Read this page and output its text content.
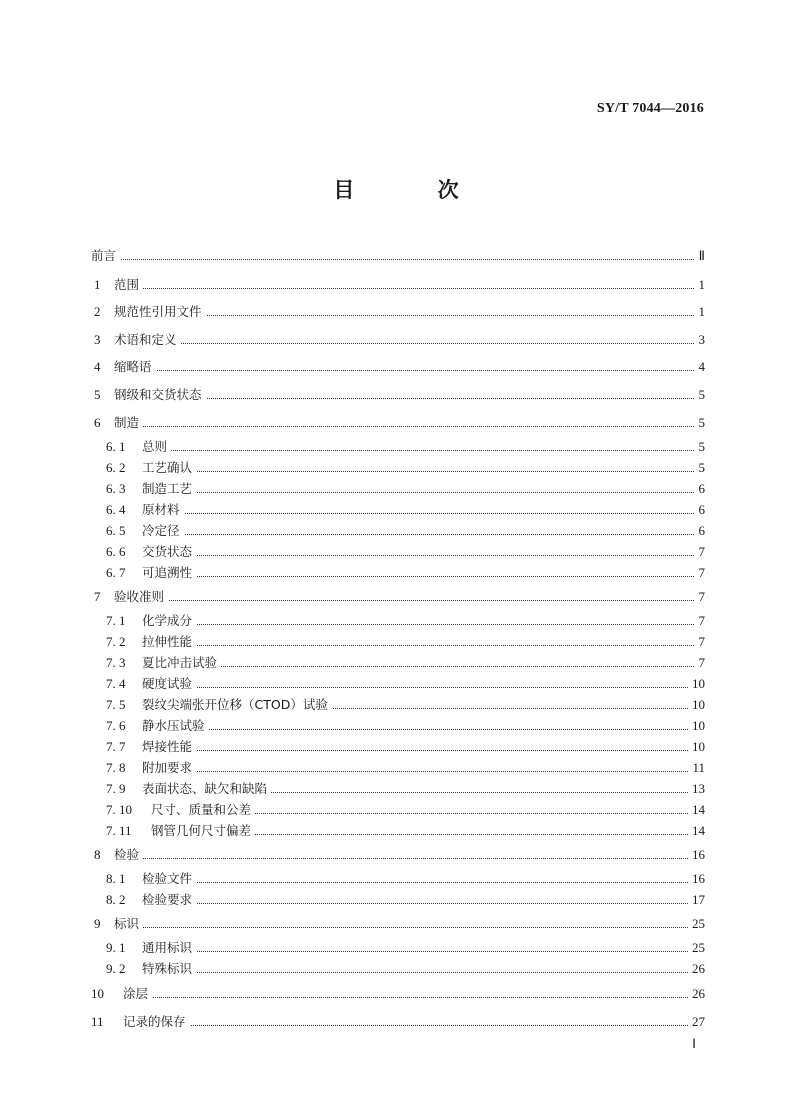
SY/T 7044—2016
目 次
前言	Ⅱ
1 范围	1
2 规范性引用文件	1
3 术语和定义	3
4 缩略语	4
5 钢级和交货状态	5
6 制造	5
6. 1 总则	5
6. 2 工艺确认	5
6. 3 制造工艺	6
6. 4 原材料	6
6. 5 冷定径	6
6. 6 交货状态	7
6. 7 可追溯性	7
7 验收准则	7
7. 1 化学成分	7
7. 2 拉伸性能	7
7. 3 夏比冲击试验	7
7. 4 硬度试验	10
7. 5 裂纹尖端张开位移（CTOD）试验	10
7. 6 静水压试验	10
7. 7 焊接性能	10
7. 8 附加要求	11
7. 9 表面状态、缺欠和缺陷	13
7. 10 尺寸、质量和公差	14
7. 11 钢管几何尺寸偏差	14
8 检验	16
8. 1 检验文件	16
8. 2 检验要求	17
9 标识	25
9. 1 通用标识	25
9. 2 特殊标识	26
10 涂层	26
11 记录的保存	27
Ⅰ
